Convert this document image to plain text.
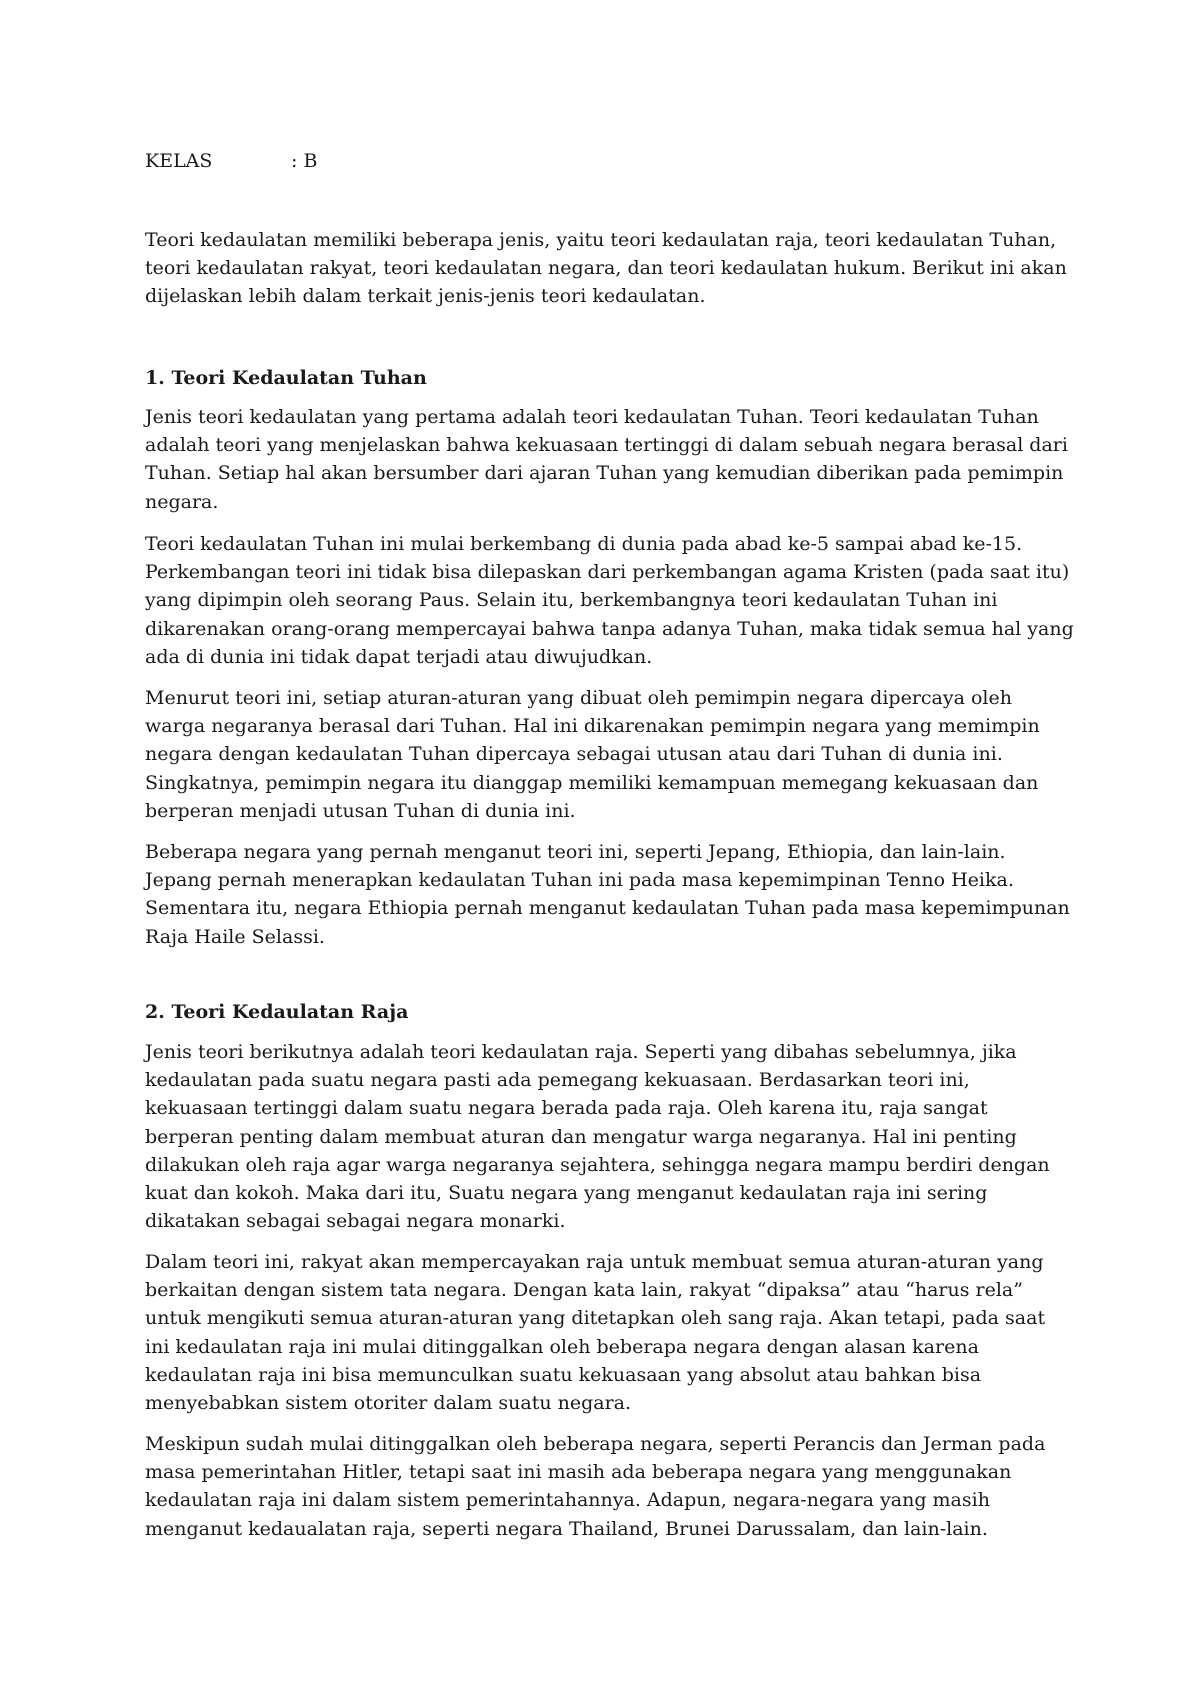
KELAS	: B

Teori kedaulatan memiliki beberapa jenis, yaitu teori kedaulatan raja, teori kedaulatan Tuhan, teori kedaulatan rakyat, teori kedaulatan negara, dan teori kedaulatan hukum. Berikut ini akan dijelaskan lebih dalam terkait jenis-jenis teori kedaulatan.

1. Teori Kedaulatan Tuhan

Jenis teori kedaulatan yang pertama adalah teori kedaulatan Tuhan. Teori kedaulatan Tuhan adalah teori yang menjelaskan bahwa kekuasaan tertinggi di dalam sebuah negara berasal dari Tuhan. Setiap hal akan bersumber dari ajaran Tuhan yang kemudian diberikan pada pemimpin negara.

Teori kedaulatan Tuhan ini mulai berkembang di dunia pada abad ke-5 sampai abad ke-15. Perkembangan teori ini tidak bisa dilepaskan dari perkembangan agama Kristen (pada saat itu) yang dipimpin oleh seorang Paus. Selain itu, berkembangnya teori kedaulatan Tuhan ini dikarenakan orang-orang mempercayai bahwa tanpa adanya Tuhan, maka tidak semua hal yang ada di dunia ini tidak dapat terjadi atau diwujudkan.

Menurut teori ini, setiap aturan-aturan yang dibuat oleh pemimpin negara dipercaya oleh warga negaranya berasal dari Tuhan. Hal ini dikarenakan pemimpin negara yang memimpin negara dengan kedaulatan Tuhan dipercaya sebagai utusan atau dari Tuhan di dunia ini. Singkatnya, pemimpin negara itu dianggap memiliki kemampuan memegang kekuasaan dan berperan menjadi utusan Tuhan di dunia ini.

Beberapa negara yang pernah menganut teori ini, seperti Jepang, Ethiopia, dan lain-lain. Jepang pernah menerapkan kedaulatan Tuhan ini pada masa kepemimpinan Tenno Heika. Sementara itu, negara Ethiopia pernah menganut kedaulatan Tuhan pada masa kepemimpunan Raja Haile Selassi.

2. Teori Kedaulatan Raja

Jenis teori berikutnya adalah teori kedaulatan raja. Seperti yang dibahas sebelumnya, jika kedaulatan pada suatu negara pasti ada pemegang kekuasaan. Berdasarkan teori ini, kekuasaan tertinggi dalam suatu negara berada pada raja. Oleh karena itu, raja sangat berperan penting dalam membuat aturan dan mengatur warga negaranya. Hal ini penting dilakukan oleh raja agar warga negaranya sejahtera, sehingga negara mampu berdiri dengan kuat dan kokoh. Maka dari itu, Suatu negara yang menganut kedaulatan raja ini sering dikatakan sebagai sebagai negara monarki.

Dalam teori ini, rakyat akan mempercayakan raja untuk membuat semua aturan-aturan yang berkaitan dengan sistem tata negara. Dengan kata lain, rakyat “dipaksa” atau “harus rela” untuk mengikuti semua aturan-aturan yang ditetapkan oleh sang raja. Akan tetapi, pada saat ini kedaulatan raja ini mulai ditinggalkan oleh beberapa negara dengan alasan karena kedaulatan raja ini bisa memunculkan suatu kekuasaan yang absolut atau bahkan bisa menyebabkan sistem otoriter dalam suatu negara.

Meskipun sudah mulai ditinggalkan oleh beberapa negara, seperti Perancis dan Jerman pada masa pemerintahan Hitler, tetapi saat ini masih ada beberapa negara yang menggunakan kedaulatan raja ini dalam sistem pemerintahannya. Adapun, negara-negara yang masih menganut kedaualatan raja, seperti negara Thailand, Brunei Darussalam, dan lain-lain.
